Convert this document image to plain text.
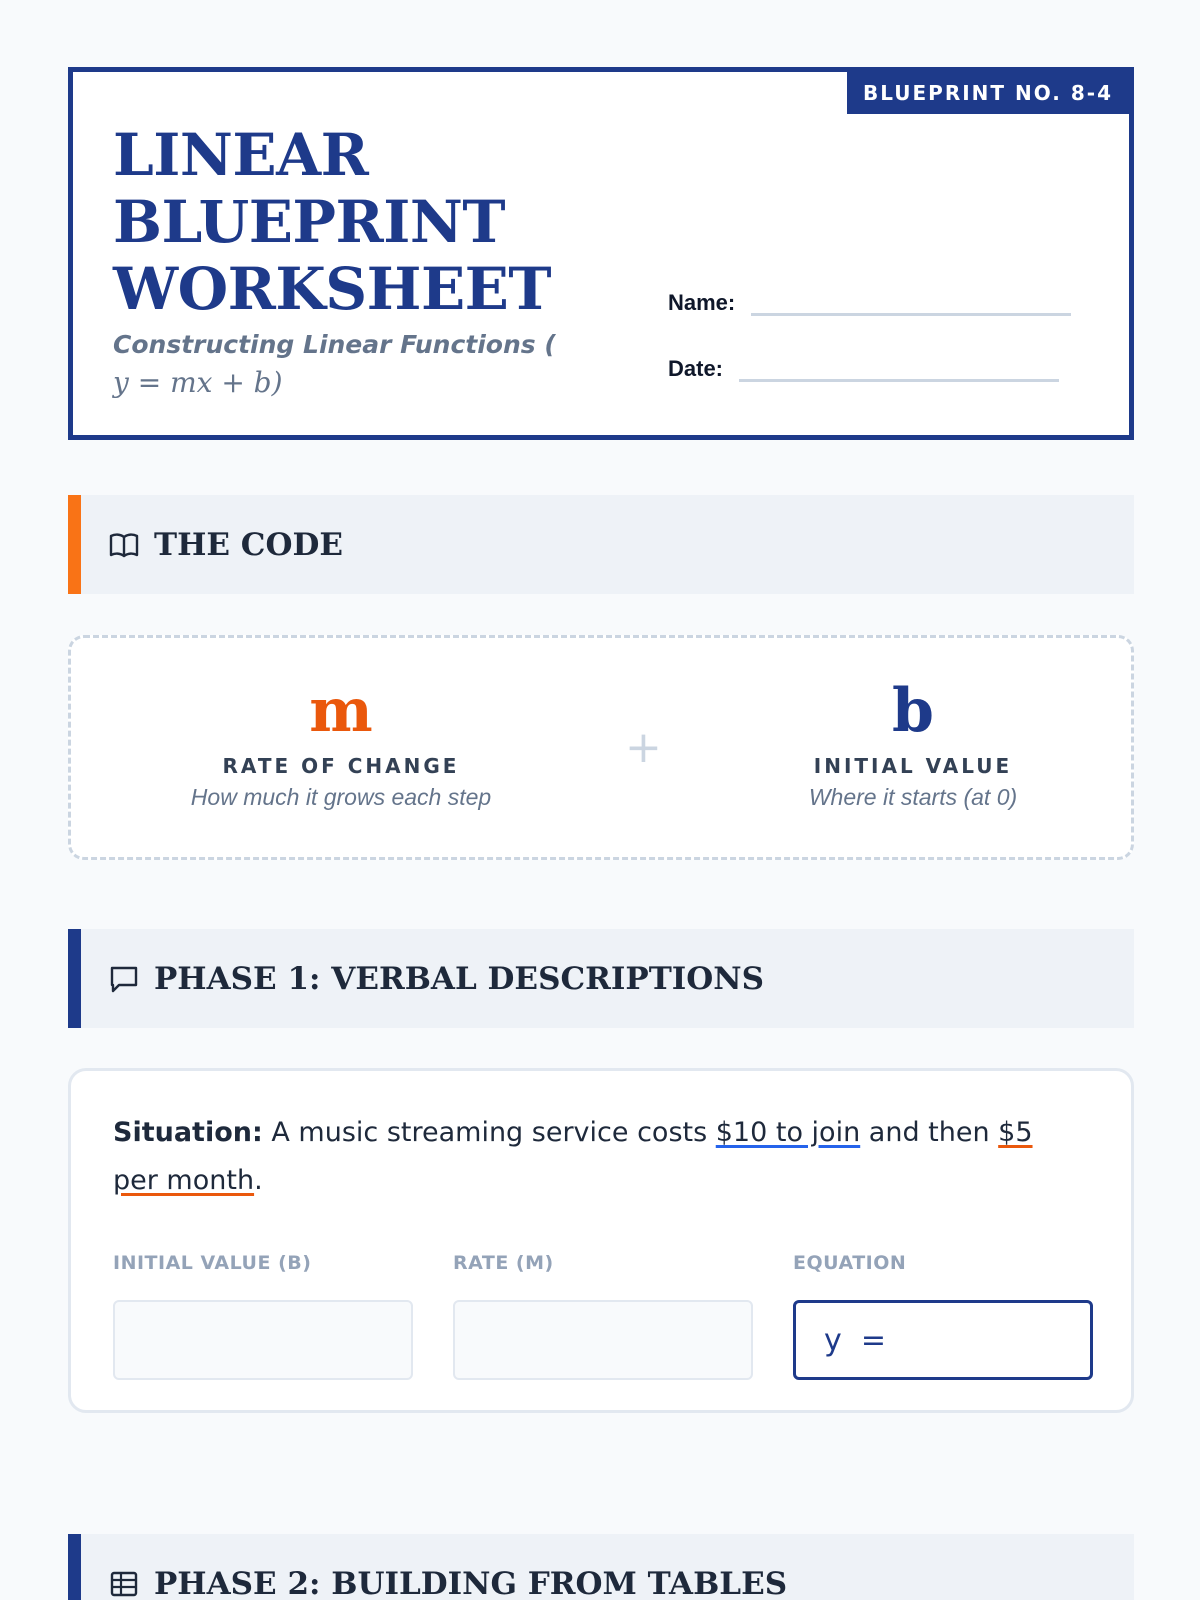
BLUEPRINT NO. 8-4
LINEAR
BLUEPRINT
WORKSHEET
Constructing Linear Functions (
y = mx + b)
Name:
Date:
THE CODE
m
RATE OF CHANGE
How much it grows each step
+
b
INITIAL VALUE
Where it starts (at 0)
PHASE 1: VERBAL DESCRIPTIONS
Situation: A music streaming service costs $10 to join and then $5 per month.
INITIAL VALUE (B)	RATE (M)	EQUATION
y  =
PHASE 2: BUILDING FROM TABLES
